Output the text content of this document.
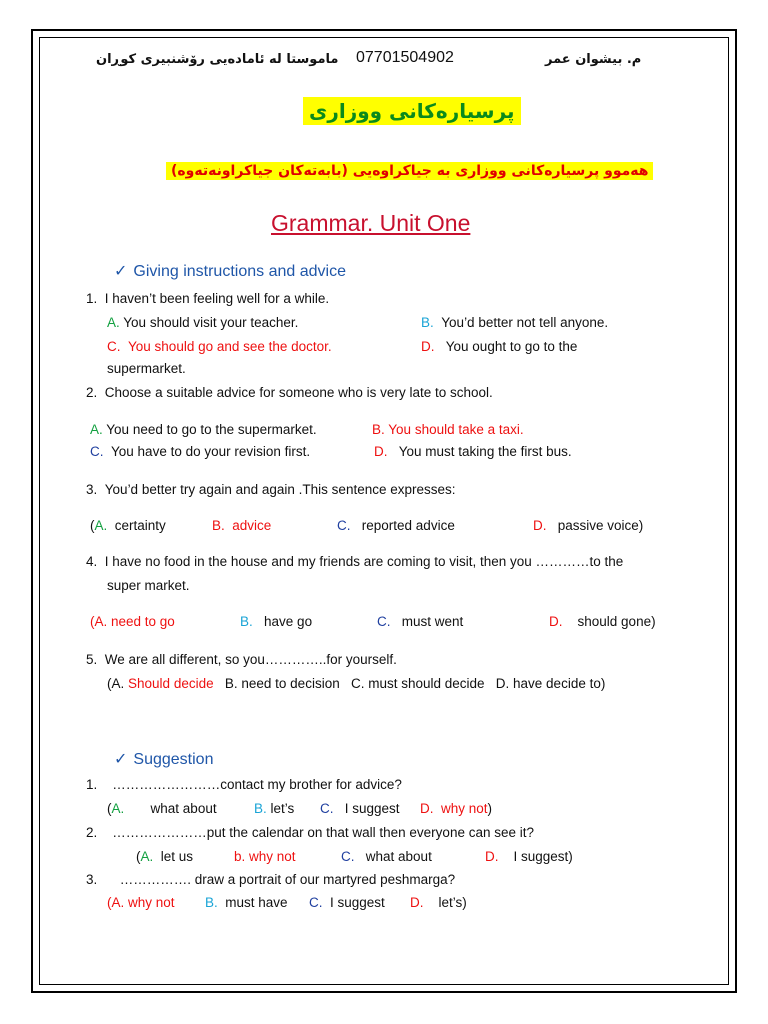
م. بیشوان عمر
07701504902
ماموستا له ئامادەیی رۆشنبیری کوڕان
پرسیارەکانی ووزاری
هەموو پرسیارەکانی ووزاری بە جیاکراوەیی (بابەتەکان جیاکراونەتەوە)
Grammar. Unit One
✓ Giving instructions and advice
1. I haven’t been feeling well for a while.
A. You should visit your teacher.	B. You’d better not tell anyone.
C. You should go and see the doctor.	D. You ought to go to the
supermarket.
2. Choose a suitable advice for someone who is very late to school.
A. You need to go to the supermarket.	B. You should take a taxi.
C. You have to do your revision first.	D. You must taking the first bus.
3. You’d better try again and again .This sentence expresses:
(A. certainty	B. advice	C. reported advice	D. passive voice)
4. I have no food in the house and my friends are coming to visit, then you …………to the
super market.
(A. need to go	B. have go	C. must went	D. should gone)
5. We are all different, so you…………..for yourself.
(A. Should decide B. need to decision   C. must should decide   D. have decide to)
✓ Suggestion
1. ……………………contact my brother for advice?
(A. what about	B. let’s C. I suggest D. why not)
2. …………………put the calendar on that wall then everyone can see it?
(A. let us	b. why not	C. what about	D. I suggest)
3. ……………. draw a portrait of our martyred peshmarga?
(A. why not B. must have C. I suggest D. let’s)
